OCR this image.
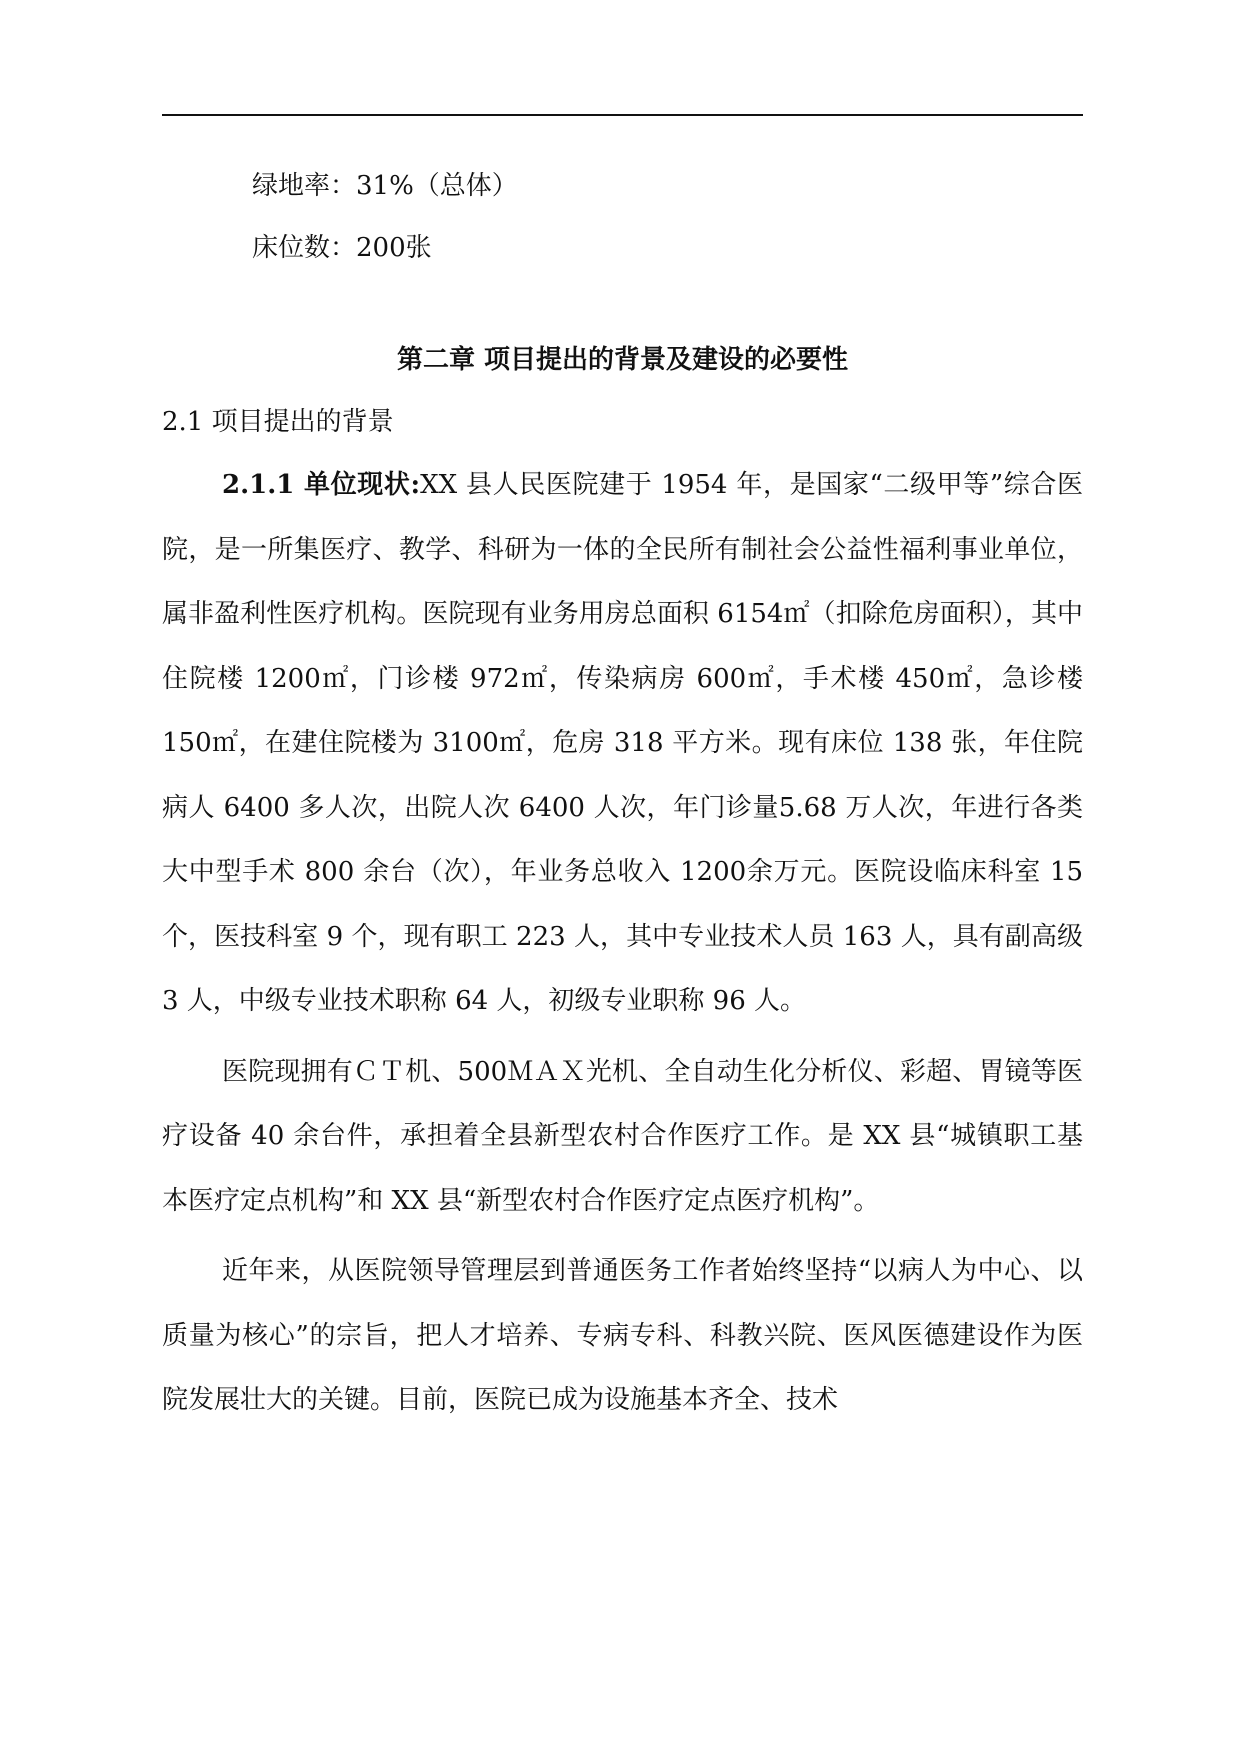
绿地率：31%（总体）
床位数：200张
第二章 项目提出的背景及建设的必要性
2.1 项目提出的背景

2.1.1 单位现状:XX 县人民医院建于 1954 年，是国家“二级甲等”综合医院，是一所集医疗、教学、科研为一体的全民所有制社会公益性福利事业单位，属非盈利性医疗机构。医院现有业务用房总面积 6154㎡（扣除危房面积），其中住院楼 1200㎡，门诊楼 972㎡，传染病房 600㎡，手术楼 450㎡，急诊楼 150㎡，在建住院楼为 3100㎡，危房 318 平方米。现有床位 138 张，年住院病人 6400 多人次，出院人次 6400 人次，年门诊量5.68 万人次，年进行各类大中型手术 800 余台（次），年业务总收入 1200余万元。医院设临床科室 15 个，医技科室 9 个，现有职工 223 人，其中专业技术人员 163 人，具有副高级 3 人，中级专业技术职称 64 人，初级专业职称 96 人。

医院现拥有ＣＴ机、500ＭＡＸ光机、全自动生化分析仪、彩超、胃镜等医疗设备 40 余台件，承担着全县新型农村合作医疗工作。是 XX 县“城镇职工基本医疗定点机构”和 XX 县“新型农村合作医疗定点医疗机构”。

近年来，从医院领导管理层到普通医务工作者始终坚持“以病人为中心、以质量为核心”的宗旨，把人才培养、专病专科、科教兴院、医风医德建设作为医院发展壮大的关键。目前，医院已成为设施基本齐全、技术
